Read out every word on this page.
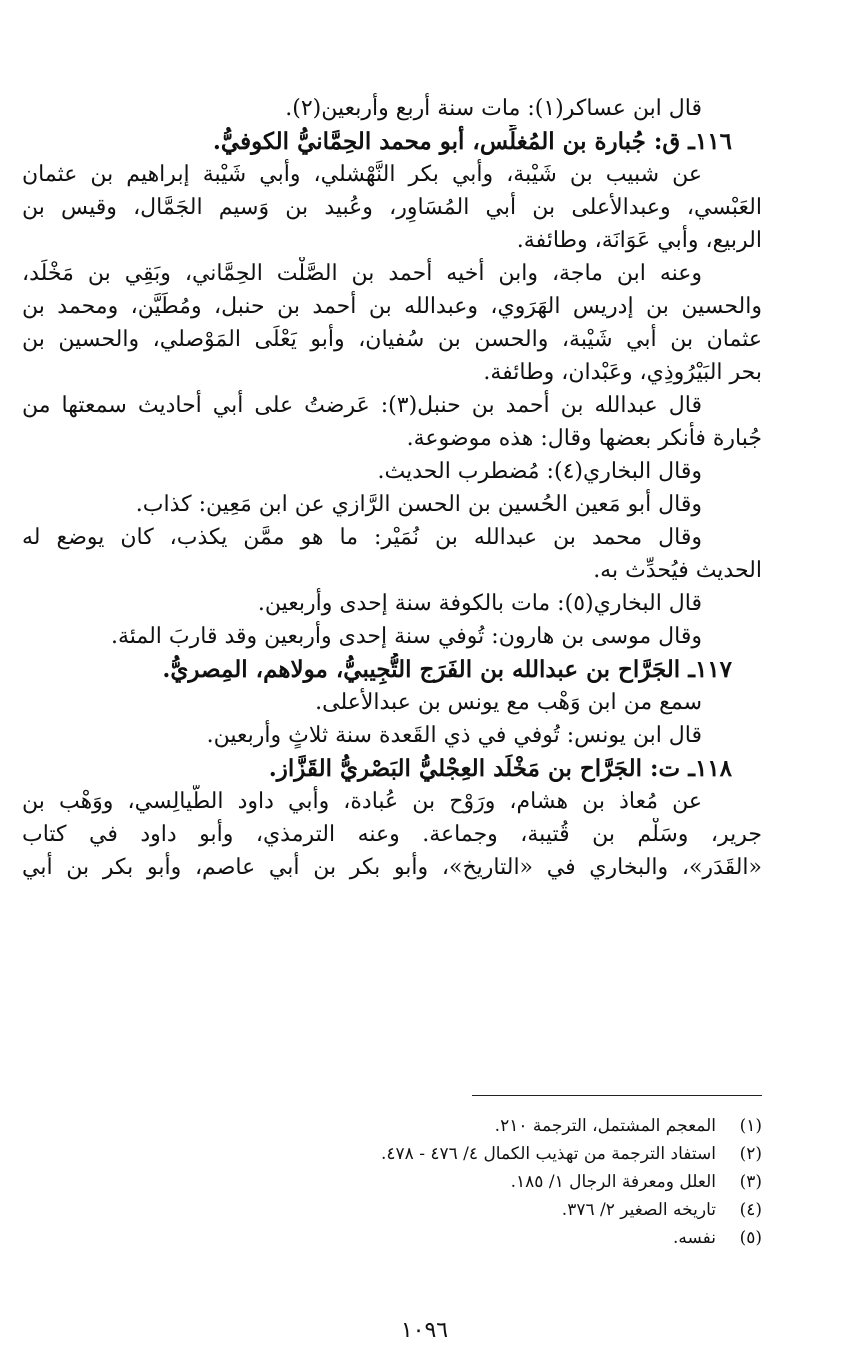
قال ابن عساكر(١): مات سنة أربع وأربعين(٢).
١١٦ـ ق: جُبارة بن المُغلِّس، أبو محمد الحِمَّانيُّ الكوفيُّ.
عن شبيب بن شَيْبة، وأبي بكر النَّهْشلي، وأبي شَيْبة إبراهيم بن عثمان
العَبْسي، وعبدالأعلى بن أبي المُسَاوِر، وعُبيد بن وَسيم الجَمَّال، وقيس بن
الربيع، وأبي عَوَانَة، وطائفة.
وعنه ابن ماجة، وابن أخيه أحمد بن الصَّلْت الحِمَّاني، وبَقِي بن مَخْلَد،
والحسين بن إدريس الهَرَوي، وعبدالله بن أحمد بن حنبل، ومُطَيَّن، ومحمد بن
عثمان بن أبي شَيْبة، والحسن بن سُفيان، وأبو يَعْلَى المَوْصلي، والحسين بن
بحر البَيْرُوذِي، وعَبْدان، وطائفة.
قال عبدالله بن أحمد بن حنبل(٣): عَرضتُ على أبي أحاديث سمعتها من
جُبارة فأنكر بعضها وقال: هذه موضوعة.
وقال البخاري(٤): مُضطرب الحديث.
وقال أبو مَعين الحُسين بن الحسن الرَّازي عن ابن مَعِين: كذاب.
وقال محمد بن عبدالله بن نُمَيْر: ما هو ممَّن يكذب، كان يوضع له
الحديث فيُحدِّث به.
قال البخاري(٥): مات بالكوفة سنة إحدى وأربعين.
وقال موسى بن هارون: تُوفي سنة إحدى وأربعين وقد قاربَ المئة.
١١٧ـ الجَرَّاح بن عبدالله بن الفَرَج التُّجِيبيُّ، مولاهم، المِصريُّ.
سمع من ابن وَهْب مع يونس بن عبدالأعلى.
قال ابن يونس: تُوفي في ذي القَعدة سنة ثلاثٍ وأربعين.
١١٨ـ ت: الجَرَّاح بن مَخْلَد العِجْليُّ البَصْريُّ القَزَّاز.
عن مُعاذ بن هشام، ورَوْح بن عُبادة، وأبي داود الطَّيالِسي، ووَهْب بن
جرير، وسَلْم بن قُتيبة، وجماعة. وعنه الترمذي، وأبو داود في كتاب
«القَدَر»، والبخاري في «التاريخ»، وأبو بكر بن أبي عاصم، وأبو بكر بن أبي
(١)المعجم المشتمل، الترجمة ٢١٠.
(٢)استفاد الترجمة من تهذيب الكمال ٤/ ٤٧٦ - ٤٧٨.
(٣)العلل ومعرفة الرجال ١/ ١٨٥.
(٤)تاريخه الصغير ٢/ ٣٧٦.
(٥)نفسه.
١٠٩٦
